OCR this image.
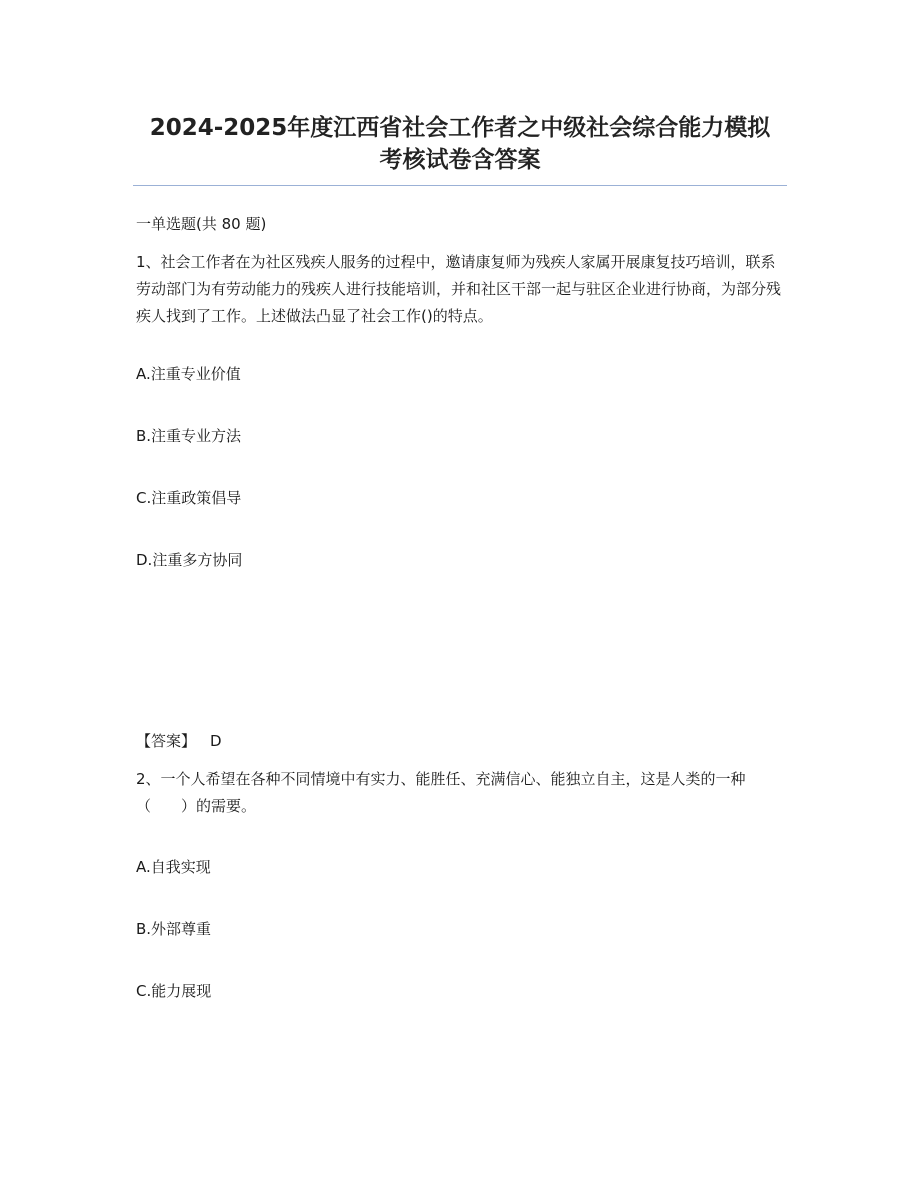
2024-2025年度江西省社会工作者之中级社会综合能力模拟
考核试卷含答案
一单选题(共 80 题)
1、社会工作者在为社区残疾人服务的过程中，邀请康复师为残疾人家属开展康复技巧培训，联系劳动部门为有劳动能力的残疾人进行技能培训，并和社区干部一起与驻区企业进行协商，为部分残疾人找到了工作。上述做法凸显了社会工作()的特点。
A.注重专业价值
B.注重专业方法
C.注重政策倡导
D.注重多方协同
【答案】 D
2、一个人希望在各种不同情境中有实力、能胜任、充满信心、能独立自主，这是人类的一种（　　）的需要。
A.自我实现
B.外部尊重
C.能力展现
